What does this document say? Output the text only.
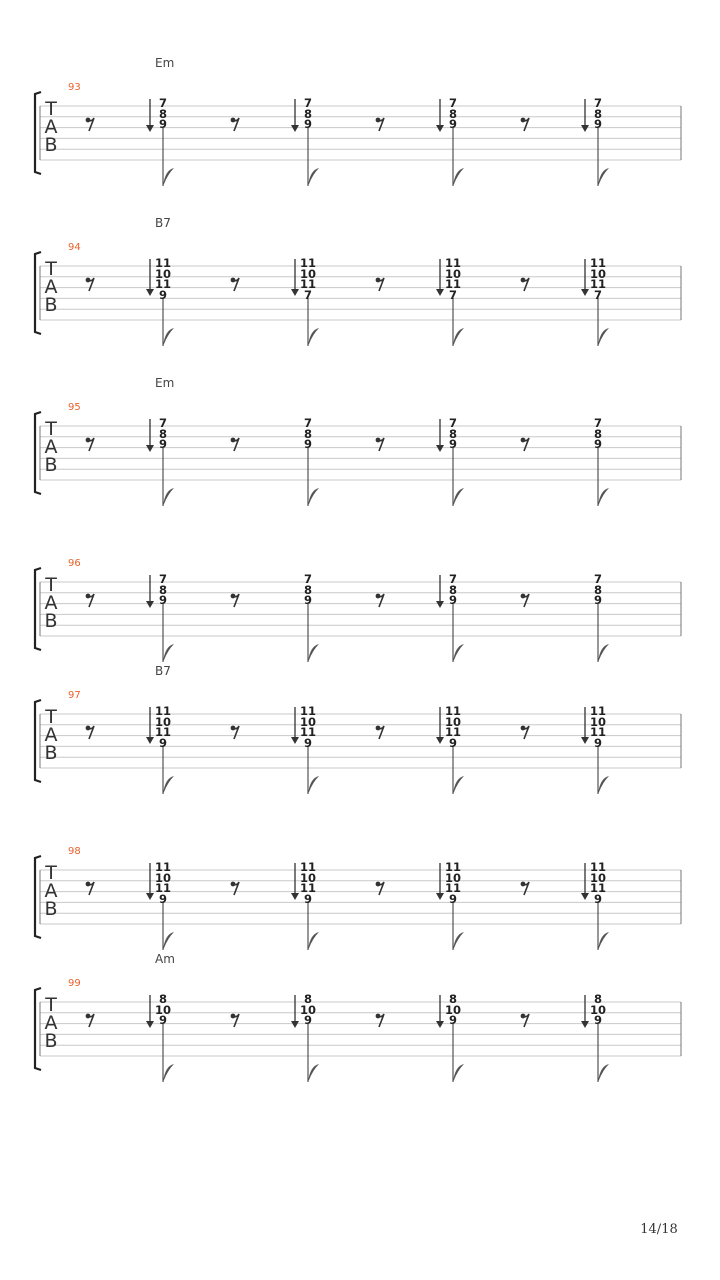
Em
93
T
A
B
7
8
9
7
8
9
7
8
9
7
8
9
B7
94
T
A
B
11
10
11
9
11
10
11
7
11
10
11
7
11
10
11
7
Em
95
T
A
B
7
8
9
7
8
9
7
8
9
7
8
9
96
T
A
B
7
8
9
7
8
9
7
8
9
7
8
9
B7
97
T
A
B
11
10
11
9
11
10
11
9
11
10
11
9
11
10
11
9
98
T
A
B
11
10
11
9
11
10
11
9
11
10
11
9
11
10
11
9
Am
99
T
A
B
8
10
9
8
10
9
8
10
9
8
10
9
14/18
